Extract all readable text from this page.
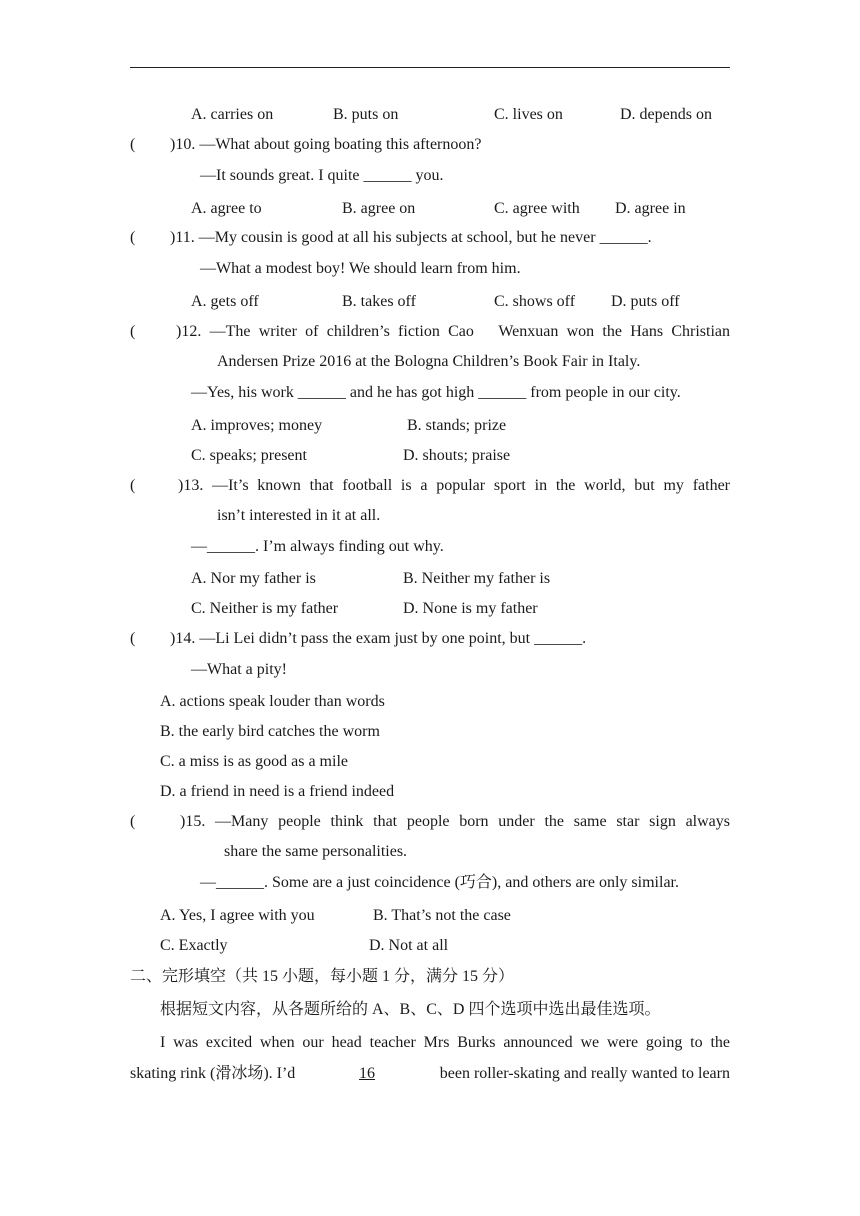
A. carries on	B. puts on	C. lives on	D. depends on
( )10. —What about going boating this afternoon?
—It sounds great. I quite ______ you.
A. agree to	B. agree on	C. agree with D. agree in
( )11. —My cousin is good at all his subjects at school, but he never ______.
—What a modest boy! We should learn from him.
A. gets off	B. takes off	C. shows off D. puts off
(	)12. —The writer of children’s fiction Cao　Wenxuan won the Hans Christian
Andersen Prize 2016 at the Bologna Children’s Book Fair in Italy.
—Yes, his work ______ and he has got high ______ from people in our city.
A. improves; money	B. stands; prize
C. speaks; present	D. shouts; praise
(	)13. —It’s known that football is a popular sport in the world, but my father
isn’t interested in it at all.
—______. I’m always finding out why.
A. Nor my father is	B. Neither my father is
C. Neither is my father	D. None is my father
( )14. —Li Lei didn’t pass the exam just by one point, but ______.
—What a pity!
A. actions speak louder than words
B. the early bird catches the worm
C. a miss is as good as a mile
D. a friend in need is a friend indeed
(	)15. —Many people think that people born under the same star sign always
share the same personalities.
—______. Some are a just coincidence (巧合), and others are only similar.
A. Yes, I agree with you	B. That’s not the case
C. Exactly	D. Not at all
二、完形填空（共 15 小题，每小题 1 分，满分 15 分）
根据短文内容，从各题所给的 A、B、C、D 四个选项中选出最佳选项。
I was excited when our head teacher Mrs Burks announced we were going to the
skating rink (滑冰场). I’d	16	been roller-skating and really wanted to learn
